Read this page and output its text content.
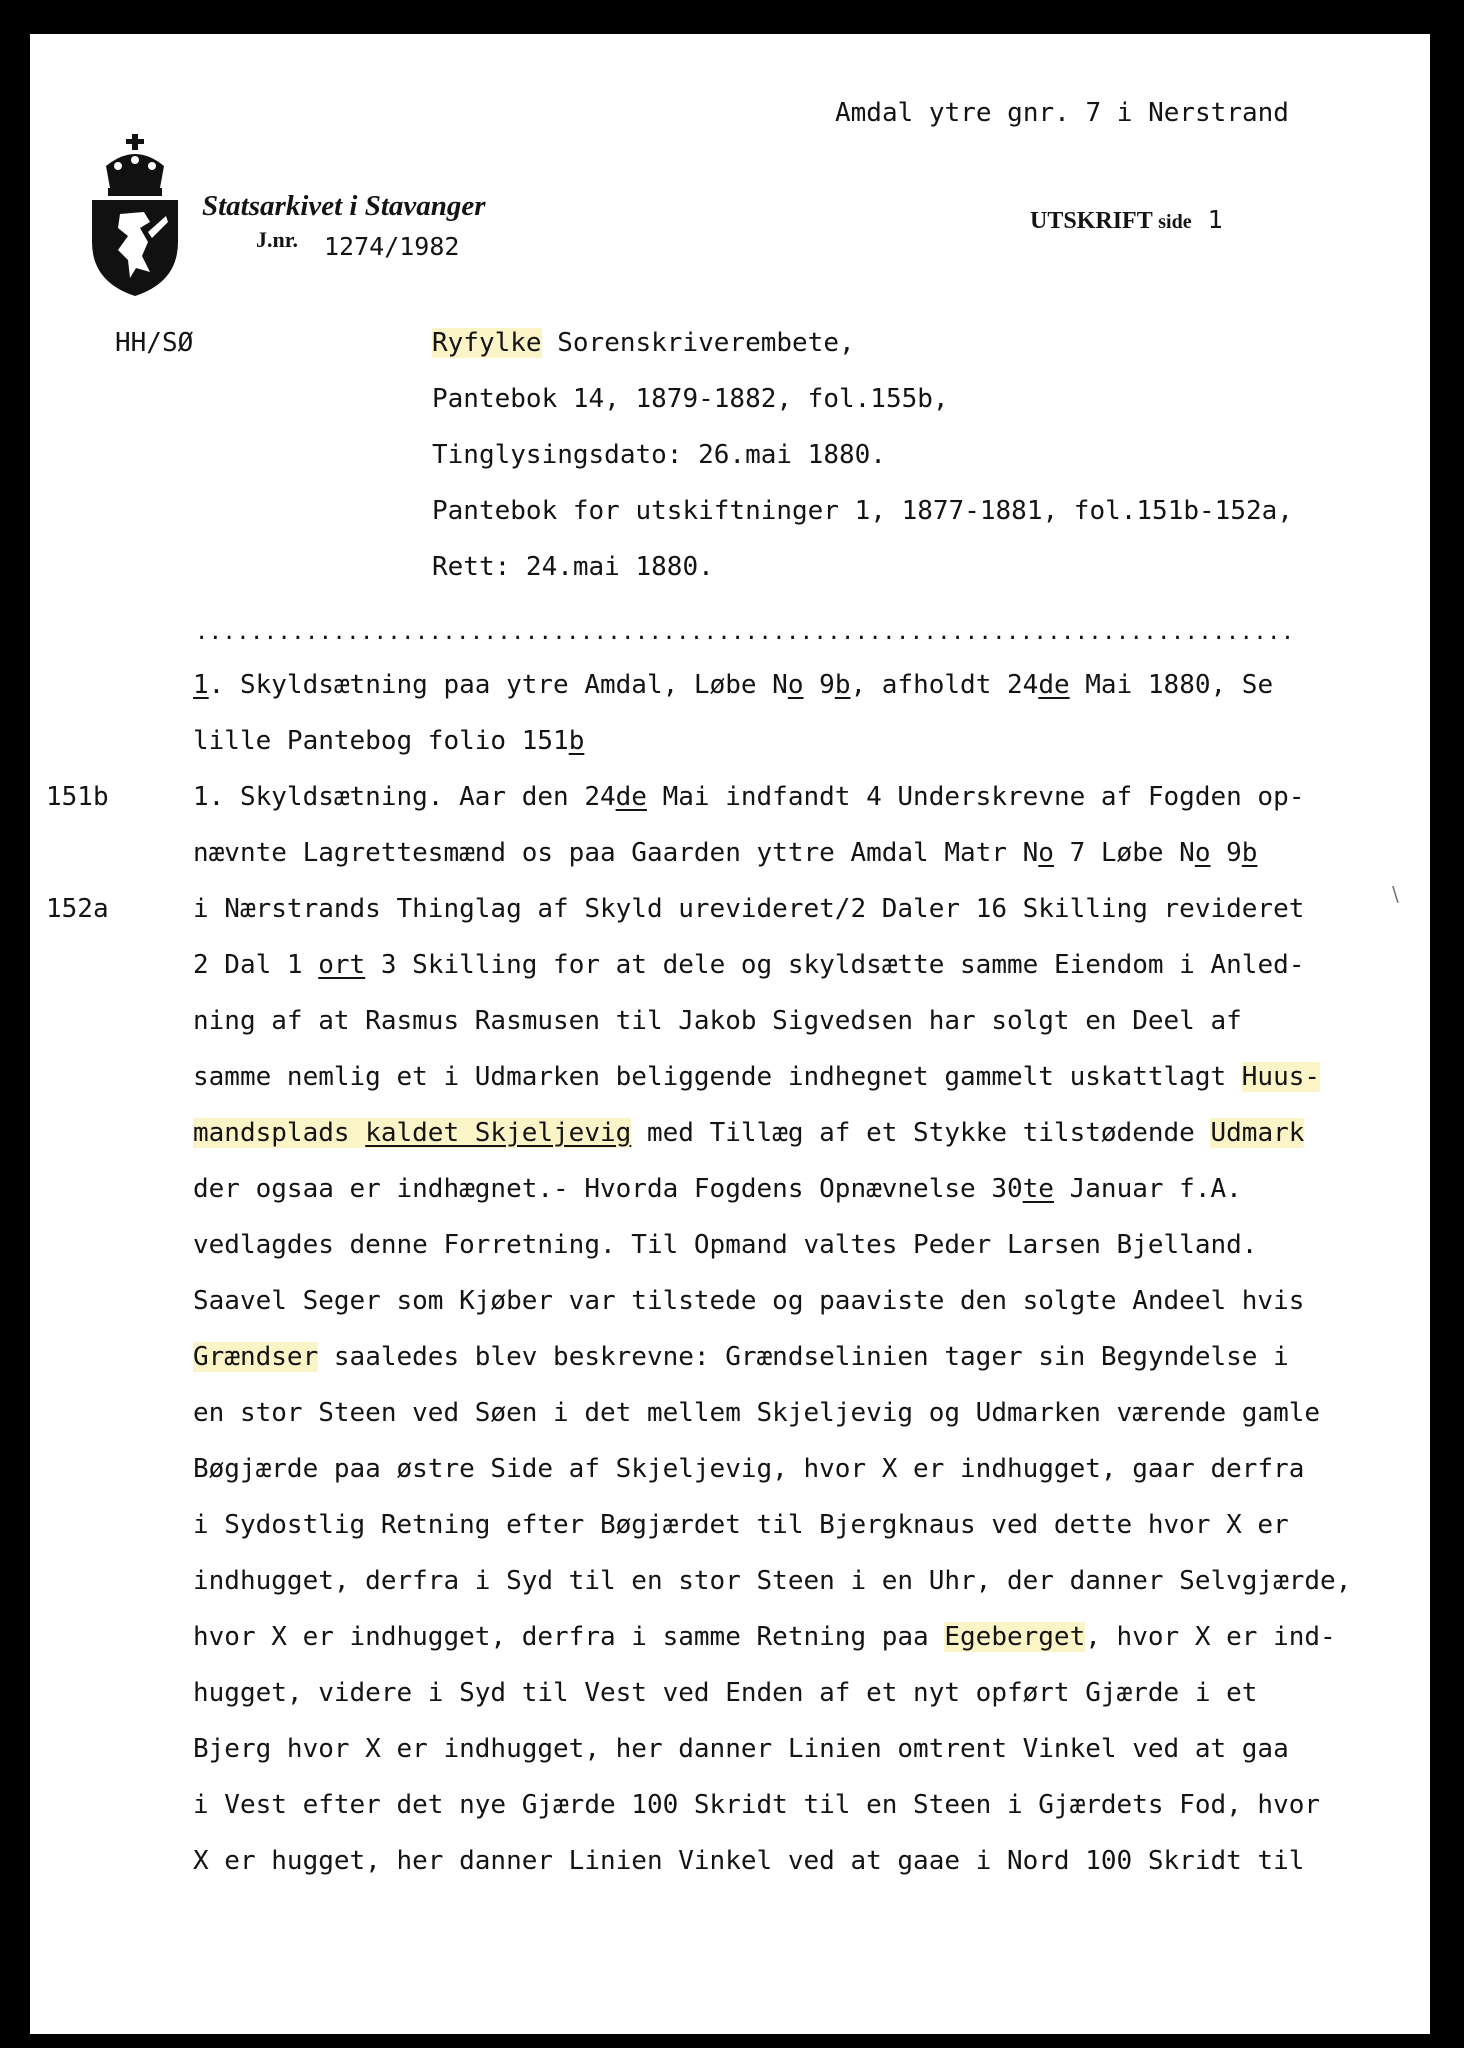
Amdal ytre gnr. 7 i Nerstrand
Statsarkivet i Stavanger
J.nr. 1274/1982
UTSKRIFT side 1
HH/SØ	Ryfylke Sorenskriverembete,
Pantebok 14, 1879-1882, fol.155b,
Tinglysingsdato: 26.mai 1880.
Pantebok for utskiftninger 1, 1877-1881, fol.151b-152a,
Rett: 24.mai 1880.
................................................................................
1. Skyldsætning paa ytre Amdal, Løbe No 9b, afholdt 24de Mai 1880, Se
lille Pantebog folio 151b
151b	1. Skyldsætning. Aar den 24de Mai indfandt 4 Underskrevne af Fogden op-
nævnte Lagrettesmænd os paa Gaarden yttre Amdal Matr No 7 Løbe No 9b
152a	i Nærstrands Thinglag af Skyld urevideret/2 Daler 16 Skilling revideret	\
2 Dal 1 ort 3 Skilling for at dele og skyldsætte samme Eiendom i Anled-
ning af at Rasmus Rasmusen til Jakob Sigvedsen har solgt en Deel af
samme nemlig et i Udmarken beliggende indhegnet gammelt uskattlagt Huus-
mandsplads kaldet Skjeljevig med Tillæg af et Stykke tilstødende Udmark
der ogsaa er indhægnet.- Hvorda Fogdens Opnævnelse 30te Januar f.A.
vedlagdes denne Forretning. Til Opmand valtes Peder Larsen Bjelland.
Saavel Seger som Kjøber var tilstede og paaviste den solgte Andeel hvis
Grændser saaledes blev beskrevne: Grændselinien tager sin Begyndelse i
en stor Steen ved Søen i det mellem Skjeljevig og Udmarken værende gamle
Bøgjærde paa østre Side af Skjeljevig, hvor X er indhugget, gaar derfra
i Sydostlig Retning efter Bøgjærdet til Bjergknaus ved dette hvor X er
indhugget, derfra i Syd til en stor Steen i en Uhr, der danner Selvgjærde,
hvor X er indhugget, derfra i samme Retning paa Egeberget, hvor X er ind-
hugget, videre i Syd til Vest ved Enden af et nyt opført Gjærde i et
Bjerg hvor X er indhugget, her danner Linien omtrent Vinkel ved at gaa
i Vest efter det nye Gjærde 100 Skridt til en Steen i Gjærdets Fod, hvor
X er hugget, her danner Linien Vinkel ved at gaae i Nord 100 Skridt til
